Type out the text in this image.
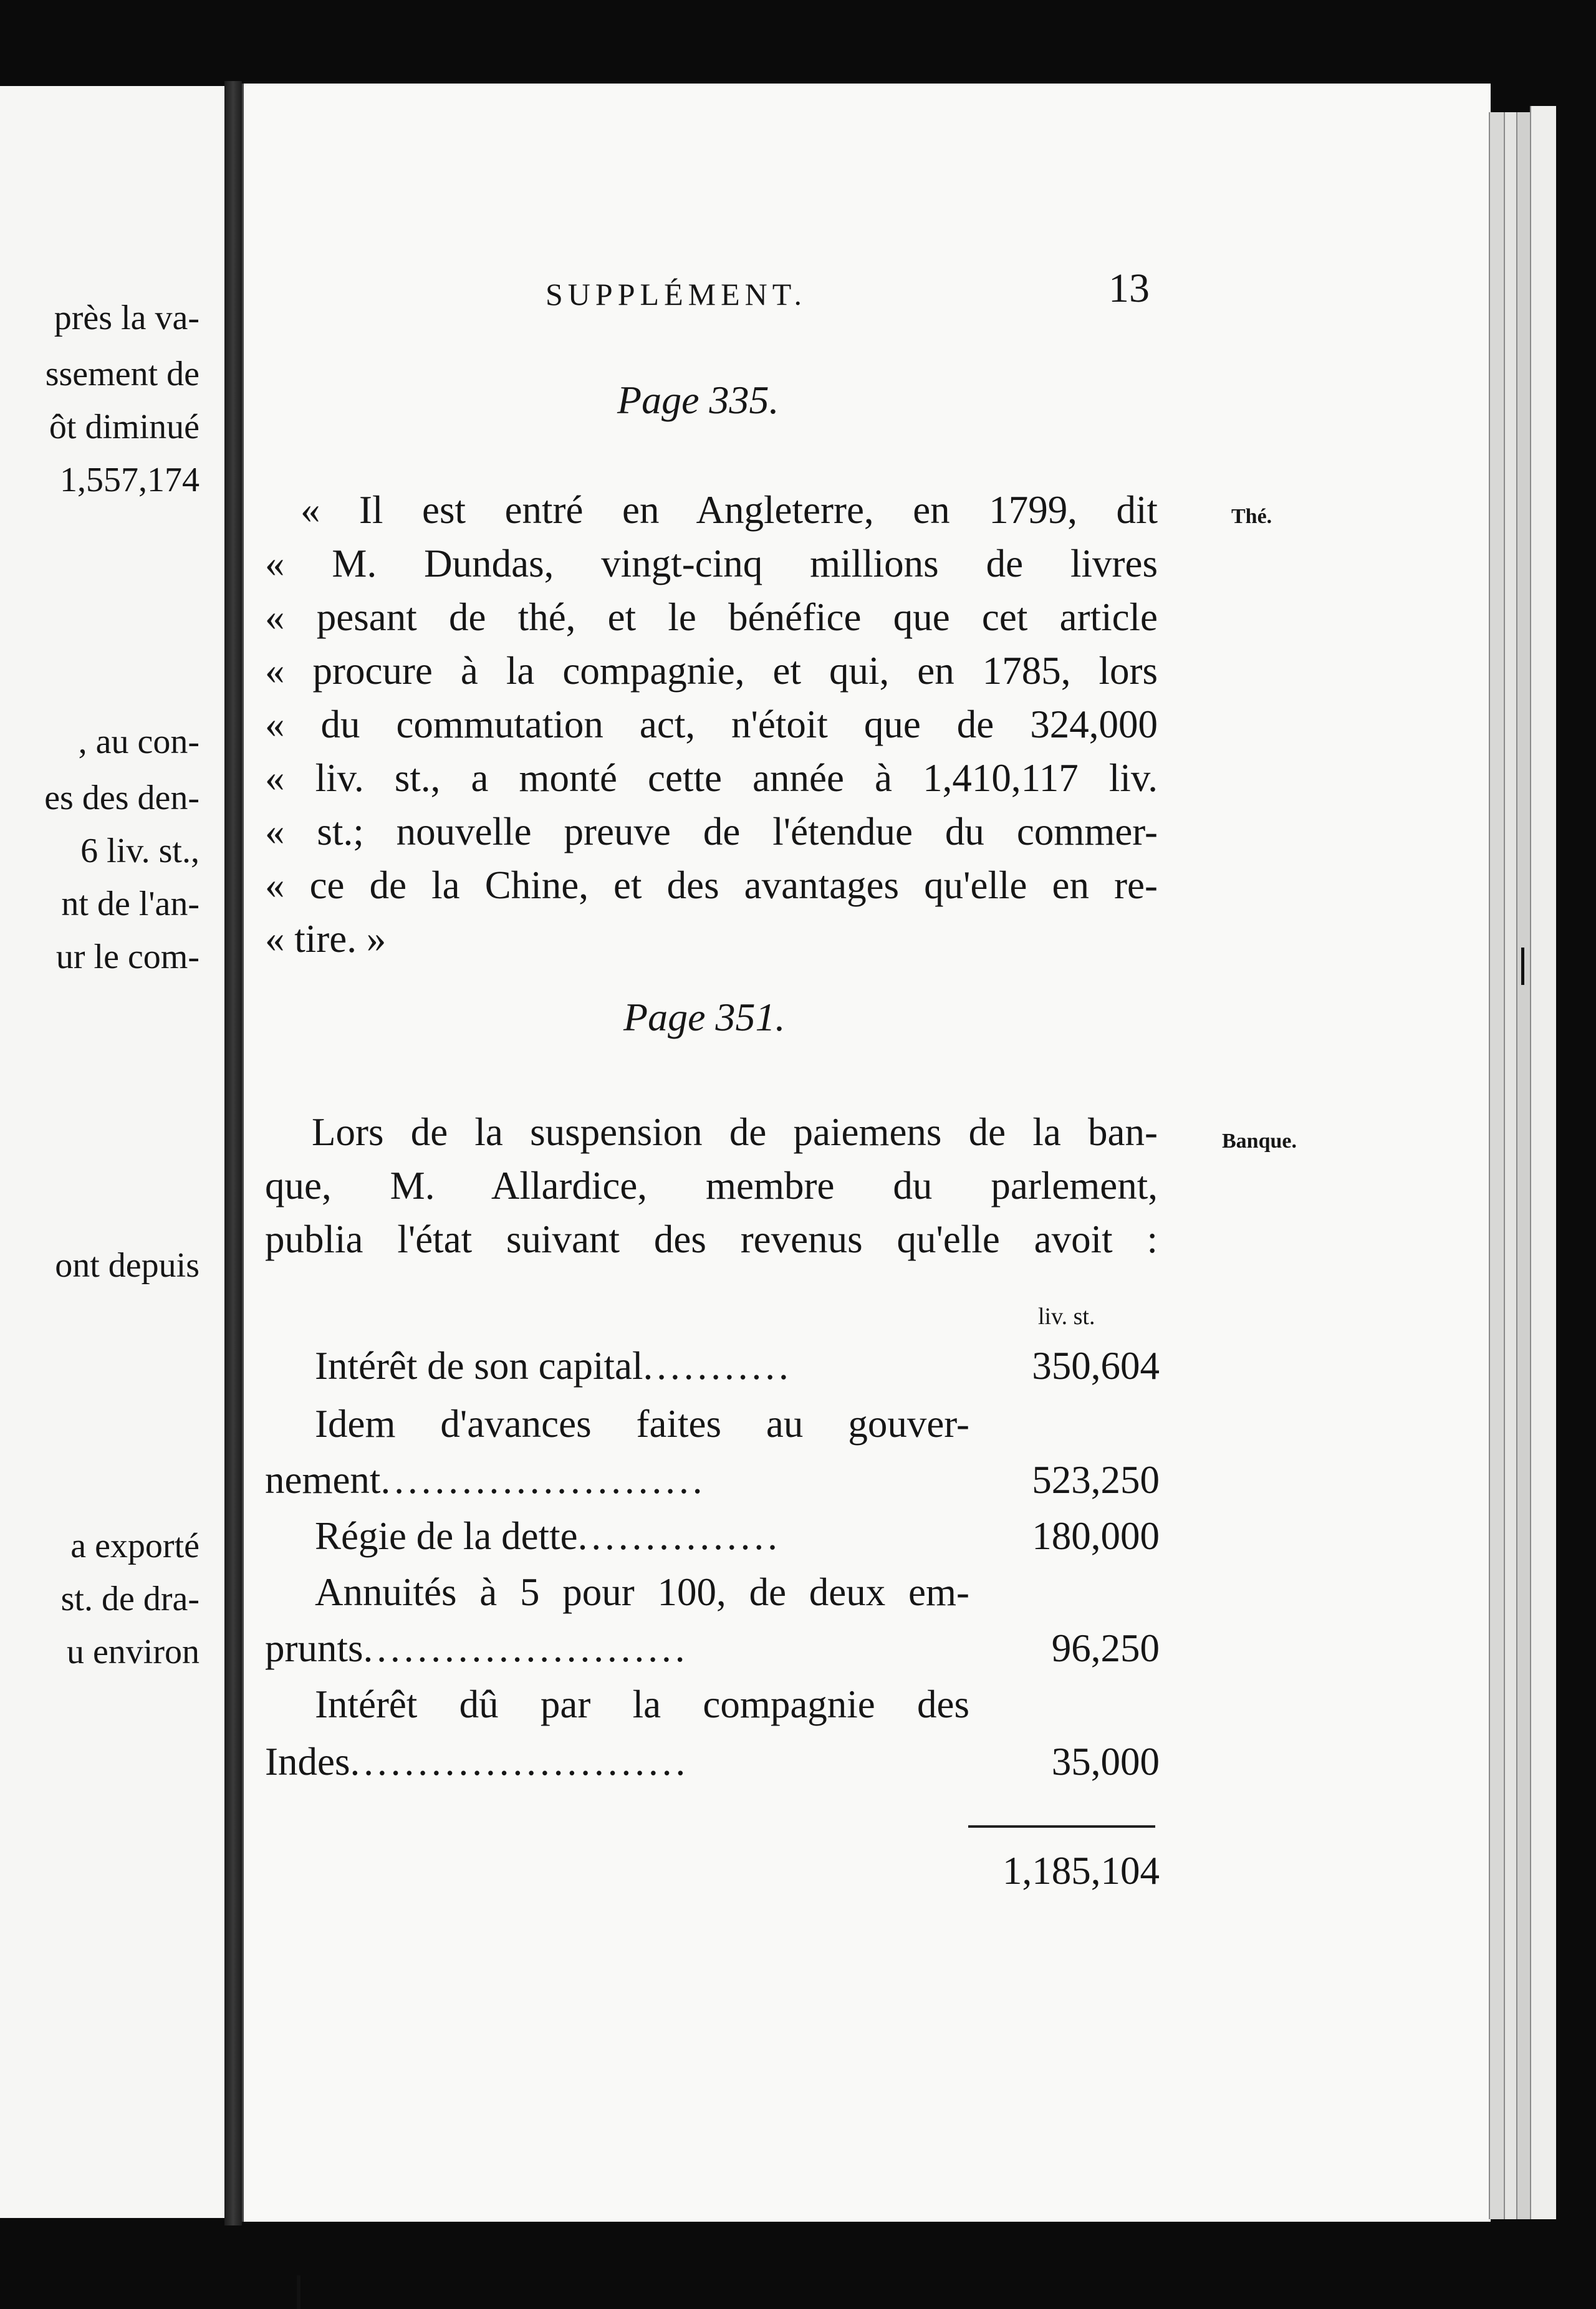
près la va-
ssement de
ôt diminué
1,557,174
, au con-
es des den-
6 liv. st.,
nt de l'an-
ur le com-
ont depuis
a exporté
st. de dra-
u environ
SUPPLÉMENT.	13
Page 335.
Thé.
« Il est entré en Angleterre, en 1799, dit
« M. Dundas, vingt-cinq millions de livres
« pesant de thé, et le bénéfice que cet article
« procure à la compagnie, et qui, en 1785, lors
« du commutation act, n'étoit que de 324,000
« liv. st., a monté cette année à 1,410,117 liv.
« st.; nouvelle preuve de l'étendue du commer-
« ce de la Chine, et des avantages qu'elle en re-
« tire. »
Page 351.
Banque.
Lors de la suspension de paiemens de la ban-
que, M. Allardice, membre du parlement,
publia l'état suivant des revenus qu'elle avoit :
liv. st.
Intérêt de son capital...........	350,604
Idem d'avances faites au gouver-
nement........................	523,250
Régie de la dette...............	180,000
Annuités à 5 pour 100, de deux em-
prunts........................	96,250
Intérêt dû par la compagnie des
Indes.........................	35,000
1,185,104
